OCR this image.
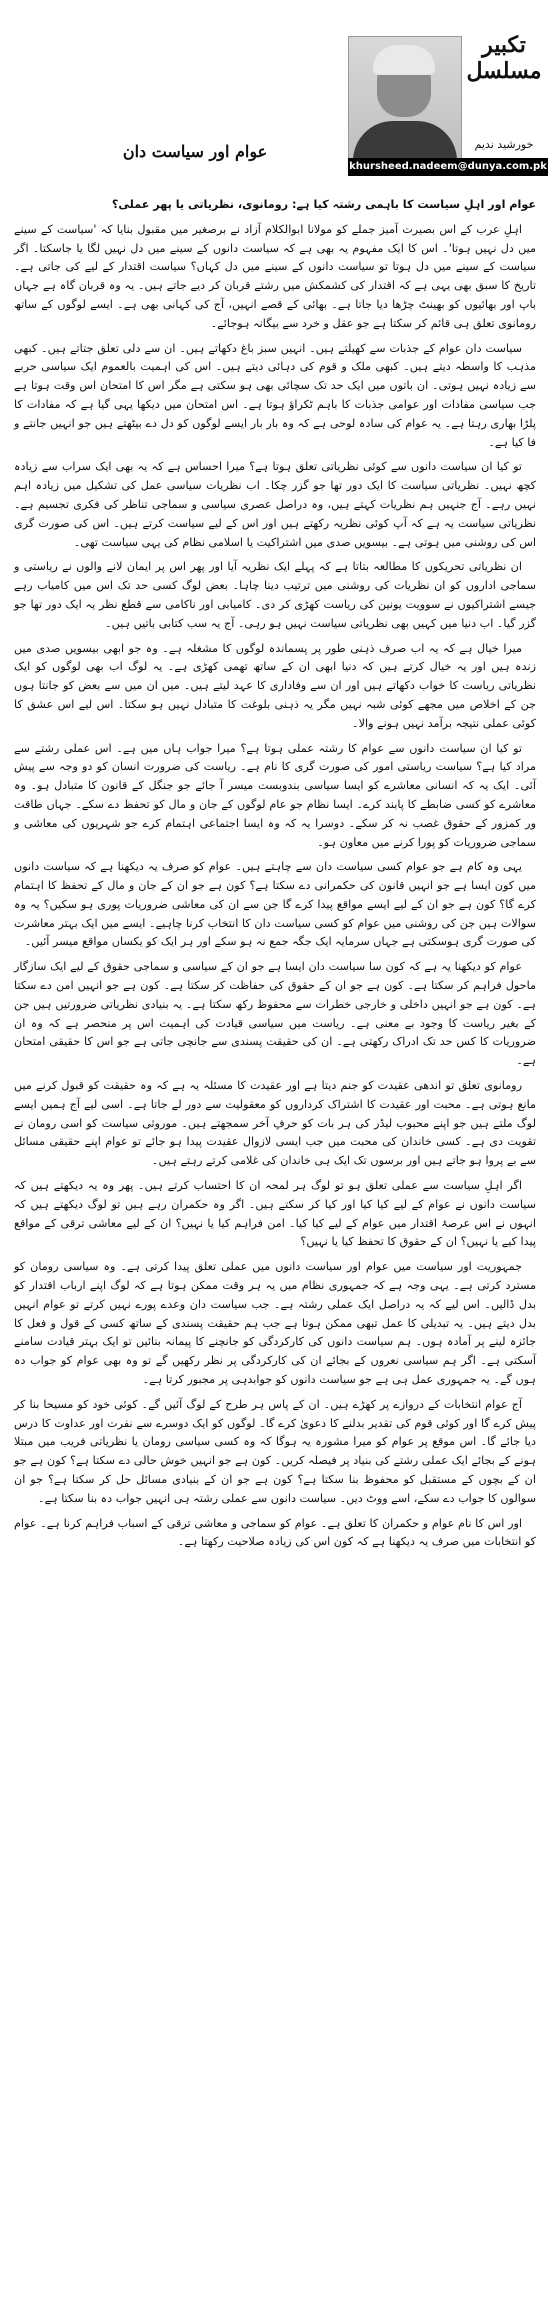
تکبیر مسلسل
خورشید ندیم
khursheed.nadeem@dunya.com.pk
عوام اور سیاست دان

عوام اور اہلِ سیاست کا باہمی رشتہ کیا ہے: رومانوی، نظریاتی یا پھر عملی؟

اہلِ عرب کے اس بصیرت آمیز جملے کو مولانا ابوالکلام آزاد نے برصغیر میں مقبول بنایا کہ 'سیاست کے سینے میں دل نہیں ہوتا'۔ اس کا ایک مفہوم یہ بھی ہے کہ سیاست دانوں کے سینے میں دل نہیں لگا یا جاسکتا۔ اگر سیاست کے سینے میں دل ہوتا تو سیاست دانوں کے سینے میں دل کہاں؟ سیاست اقتدار کے لیے کی جاتی ہے۔ تاریخ کا سبق بھی یہی ہے کہ اقتدار کی کشمکش میں رشتے قربان کر دیے جاتے ہیں۔ یہ وہ قربان گاہ ہے جہاں باپ اور بھائیوں کو بھینٹ چڑھا دیا جاتا ہے۔ بھائی کے قصے انہیں، آج کی کہانی بھی ہے۔ ایسے لوگوں کے ساتھ رومانوی تعلق ہی قائم کر سکتا ہے جو عقل و خرد سے بیگانہ ہوجائے۔

سیاست دان عوام کے جذبات سے کھیلتے ہیں۔ انہیں سبز باغ دکھاتے ہیں۔ ان سے دلی تعلق جتاتے ہیں۔ کبھی مذہب کا واسطہ دیتے ہیں۔ کبھی ملک و قوم کی دہائی دیتے ہیں۔ اس کی اہمیت بالعموم ایک سیاسی حربے سے زیادہ نہیں ہوتی۔ ان باتوں میں ایک حد تک سچائی بھی ہو سکتی ہے مگر اس کا امتحان اس وقت ہوتا ہے جب سیاسی مفادات اور عوامی جذبات کا باہم ٹکراؤ ہوتا ہے۔ اس امتحان میں دیکھا یہی گیا ہے کہ مفادات کا پلڑا بھاری رہتا ہے۔ یہ عوام کی سادہ لوحی ہے کہ وہ بار بار ایسے لوگوں کو دل دے بیٹھتے ہیں جو انہیں جانتے و فا کیا ہے۔

تو کیا ان سیاست دانوں سے کوئی نظریاتی تعلق ہوتا ہے؟ میرا احساس ہے کہ یہ بھی ایک سراب سے زیادہ کچھ نہیں۔ نظریاتی سیاست کا ایک دور تھا جو گزر چکا۔ اب نظریات سیاسی عمل کی تشکیل میں زیادہ اہم نہیں رہے۔ آج جنہیں ہم نظریات کہتے ہیں، وہ دراصل عصری سیاسی و سماجی تناظر کی فکری تجسیم ہے۔ نظریاتی سیاست یہ ہے کہ آپ کوئی نظریہ رکھتے ہیں اور اس کے لیے سیاست کرتے ہیں۔ اس کی صورت گری اس کی روشنی میں ہوتی ہے۔ بیسویں صدی میں اشتراکیت یا اسلامی نظام کی یہی سیاست تھی۔

ان نظریاتی تحریکوں کا مطالعہ بتاتا ہے کہ پہلے ایک نظریہ آیا اور پھر اس پر ایمان لانے والوں نے ریاستی و سماجی اداروں کو ان نظریات کی روشنی میں ترتیب دینا چاہا۔ بعض لوگ کسی حد تک اس میں کامیاب رہے جیسے اشتراکیوں نے سوویت یونین کی ریاست کھڑی کر دی۔ کامیابی اور ناکامی سے قطع نظر یہ ایک دور تھا جو گزر گیا۔ اب دنیا میں کہیں بھی نظریاتی سیاست نہیں ہو رہی۔ آج یہ سب کتابی باتیں ہیں۔

میرا خیال ہے کہ یہ اب صرف ذہنی طور پر پسماندہ لوگوں کا مشغلہ ہے۔ وہ جو ابھی بیسویں صدی میں زندہ ہیں اور یہ خیال کرتے ہیں کہ دنیا ابھی ان کے ساتھ تھمی کھڑی ہے۔ یہ لوگ اب بھی لوگوں کو ایک نظریاتی ریاست کا خواب دکھاتے ہیں اور ان سے وفاداری کا عہد لیتے ہیں۔ میں ان میں سے بعض کو جانتا ہوں جن کے اخلاص میں مجھے کوئی شبہ نہیں مگر یہ ذہنی بلوغت کا متبادل نہیں ہو سکتا۔ اس لیے اس عشق کا کوئی عملی نتیجہ برآمد نہیں ہونے والا۔

تو کیا ان سیاست دانوں سے عوام کا رشتہ عملی ہوتا ہے؟ میرا جواب ہاں میں ہے۔ اس عملی رشتے سے مراد کیا ہے؟ سیاست ریاستی امور کی صورت گری کا نام ہے۔ ریاست کی ضرورت انسان کو دو وجہ سے پیش آئی۔ ایک یہ کہ انسانی معاشرے کو ایسا سیاسی بندوبست میسر آ جائے جو جنگل کے قانون کا متبادل ہو۔ وہ معاشرے کو کسی ضابطے کا پابند کرے۔ ایسا نظام جو عام لوگوں کے جان و مال کو تحفظ دے سکے۔ جہاں طاقت ور کمزور کے حقوق غصب نہ کر سکے۔ دوسرا یہ کہ وہ ایسا اجتماعی اہتمام کرے جو شہریوں کی معاشی و سماجی ضروریات کو پورا کرنے میں معاون ہو۔

یہی وہ کام ہے جو عوام کسی سیاست دان سے چاہتے ہیں۔ عوام کو صرف یہ دیکھنا ہے کہ سیاست دانوں میں کون ایسا ہے جو انہیں قانون کی حکمرانی دے سکتا ہے؟ کون ہے جو ان کے جان و مال کے تحفظ کا اہتمام کرے گا؟ کون ہے جو ان کے لیے ایسے مواقع پیدا کرے گا جن سے ان کی معاشی ضروریات پوری ہو سکیں؟ یہ وہ سوالات ہیں جن کی روشنی میں عوام کو کسی سیاست دان کا انتخاب کرنا چاہیے۔ ایسے میں ایک بہتر معاشرت کی صورت گری ہوسکتی ہے جہاں سرمایہ ایک جگہ جمع نہ ہو سکے اور ہر ایک کو یکساں مواقع میسر آئیں۔

عوام کو دیکھنا یہ ہے کہ کون سا سیاست دان ایسا ہے جو ان کے سیاسی و سماجی حقوق کے لیے ایک سازگار ماحول فراہم کر سکتا ہے۔ کون ہے جو ان کے حقوق کی حفاظت کر سکتا ہے۔ کون ہے جو انہیں امن دے سکتا ہے۔ کون ہے جو انہیں داخلی و خارجی خطرات سے محفوظ رکھ سکتا ہے۔ یہ بنیادی نظریاتی ضرورتیں ہیں جن کے بغیر ریاست کا وجود بے معنی ہے۔ ریاست میں سیاسی قیادت کی اہمیت اس پر منحصر ہے کہ وہ ان ضروریات کا کس حد تک ادراک رکھتی ہے۔ ان کی حقیقت پسندی سے جانچی جاتی ہے جو اس کا حقیقی امتحان ہے۔

رومانوی تعلق تو اندھی عقیدت کو جنم دیتا ہے اور عقیدت کا مسئلہ یہ ہے کہ وہ حقیقت کو قبول کرنے میں مانع ہوتی ہے۔ محبت اور عقیدت کا اشتراک کرداروں کو معقولیت سے دور لے جاتا ہے۔ اسی لیے آج ہمیں ایسے لوگ ملتے ہیں جو اپنے محبوب لیڈر کی ہر بات کو حرفِ آخر سمجھتے ہیں۔ موروثی سیاست کو اسی رومان نے تقویت دی ہے۔ کسی خاندان کی محبت میں جب ایسی لازوال عقیدت پیدا ہو جائے تو عوام اپنے حقیقی مسائل سے بے پروا ہو جاتے ہیں اور برسوں تک ایک ہی خاندان کی غلامی کرتے رہتے ہیں۔

اگر اہلِ سیاست سے عملی تعلق ہو تو لوگ ہر لمحہ ان کا احتساب کرتے ہیں۔ پھر وہ یہ دیکھتے ہیں کہ سیاست دانوں نے عوام کے لیے کیا کیا اور کیا کر سکتے ہیں۔ اگر وہ حکمران رہے ہیں تو لوگ دیکھتے ہیں کہ انہوں نے اس عرصۂ اقتدار میں عوام کے لیے کیا کیا۔ امن فراہم کیا یا نہیں؟ ان کے لیے معاشی ترقی کے مواقع پیدا کیے یا نہیں؟ ان کے حقوق کا تحفظ کیا یا نہیں؟

جمہوریت اور سیاست میں عوام اور سیاست دانوں میں عملی تعلق پیدا کرتی ہے۔ وہ سیاسی رومان کو مسترد کرتی ہے۔ یہی وجہ ہے کہ جمہوری نظام میں یہ ہر وقت ممکن ہوتا ہے کہ لوگ اپنے ارباب اقتدار کو بدل ڈالیں۔ اس لیے کہ یہ دراصل ایک عملی رشتہ ہے۔ جب سیاست دان وعدے پورے نہیں کرتے تو عوام انہیں بدل دیتے ہیں۔ یہ تبدیلی کا عمل تبھی ممکن ہوتا ہے جب ہم حقیقت پسندی کے ساتھ کسی کے قول و فعل کا جائزہ لینے پر آمادہ ہوں۔ ہم سیاست دانوں کی کارکردگی کو جانچنے کا پیمانہ بنائیں تو ایک بہتر قیادت سامنے آسکتی ہے۔ اگر ہم سیاسی نعروں کے بجائے ان کی کارکردگی پر نظر رکھیں گے تو وہ بھی عوام کو جواب دہ ہوں گے۔ یہ جمہوری عمل ہی ہے جو سیاست دانوں کو جوابدہی پر مجبور کرتا ہے۔

آج عوام انتخابات کے دروازے پر کھڑے ہیں۔ ان کے پاس ہر طرح کے لوگ آئیں گے۔ کوئی خود کو مسیحا بنا کر پیش کرے گا اور کوئی قوم کی تقدیر بدلنے کا دعویٰ کرے گا۔ لوگوں کو ایک دوسرے سے نفرت اور عداوت کا درس دیا جائے گا۔ اس موقع پر عوام کو میرا مشورہ یہ ہوگا کہ وہ کسی سیاسی رومان یا نظریاتی فریب میں مبتلا ہونے کے بجائے ایک عملی رشتے کی بنیاد پر فیصلہ کریں۔ کون ہے جو انہیں خوش حالی دے سکتا ہے؟ کون ہے جو ان کے بچوں کے مستقبل کو محفوظ بنا سکتا ہے؟ کون ہے جو ان کے بنیادی مسائل حل کر سکتا ہے؟ جو ان سوالوں کا جواب دے سکے، اسے ووٹ دیں۔ سیاست دانوں سے عملی رشتہ ہی انہیں جواب دہ بنا سکتا ہے۔

اور اس کا نام عوام و حکمران کا تعلق ہے۔ عوام کو سماجی و معاشی ترقی کے اسباب فراہم کرنا ہے۔ عوام کو انتخابات میں صرف یہ دیکھنا ہے کہ کون اس کی زیادہ صلاحیت رکھتا ہے۔
